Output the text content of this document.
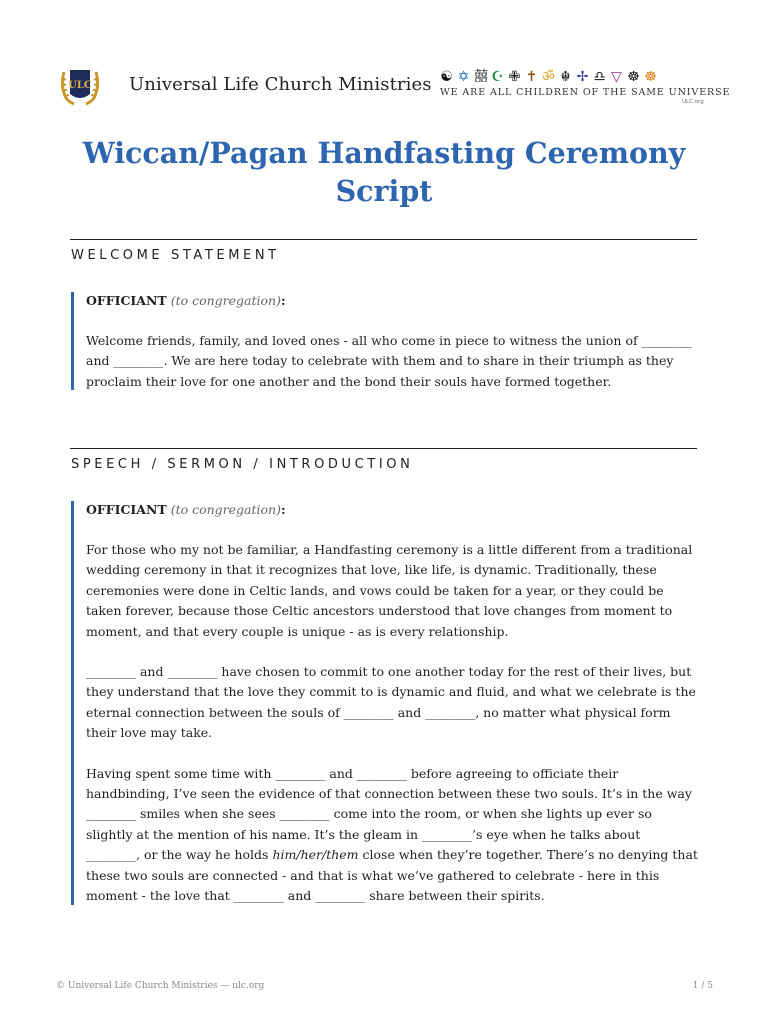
ULC Universal Life Church Ministries ☯ ✡ 囍 ☪ ✙ ✝ ॐ ☬ ✢ ♎ ▽ ☸ ☸
WE ARE ALL CHILDREN OF THE SAME UNIVERSE
ULC.org
Wiccan/Pagan Handfasting Ceremony Script
WELCOME STATEMENT

OFFICIANT (to congregation):

Welcome friends, family, and loved ones - all who come in piece to witness the union of ________ and ________. We are here today to celebrate with them and to share in their triumph as they proclaim their love for one another and the bond their souls have formed together.

SPEECH / SERMON / INTRODUCTION

OFFICIANT (to congregation):

For those who my not be familiar, a Handfasting ceremony is a little different from a traditional wedding ceremony in that it recognizes that love, like life, is dynamic. Traditionally, these ceremonies were done in Celtic lands, and vows could be taken for a year, or they could be taken forever, because those Celtic ancestors understood that love changes from moment to moment, and that every couple is unique - as is every relationship.

________ and ________ have chosen to commit to one another today for the rest of their lives, but they understand that the love they commit to is dynamic and fluid, and what we celebrate is the eternal connection between the souls of ________ and ________, no matter what physical form their love may take.

Having spent some time with ________ and ________ before agreeing to officiate their handbinding, I’ve seen the evidence of that connection between these two souls. It’s in the way ________ smiles when she sees ________ come into the room, or when she lights up ever so slightly at the mention of his name. It’s the gleam in ________’s eye when he talks about ________, or the way he holds him/her/them close when they’re together. There’s no denying that these two souls are connected - and that is what we’ve gathered to celebrate - here in this moment - the love that ________ and ________ share between their spirits.

© Universal Life Church Ministries — ulc.org	1 / 5
